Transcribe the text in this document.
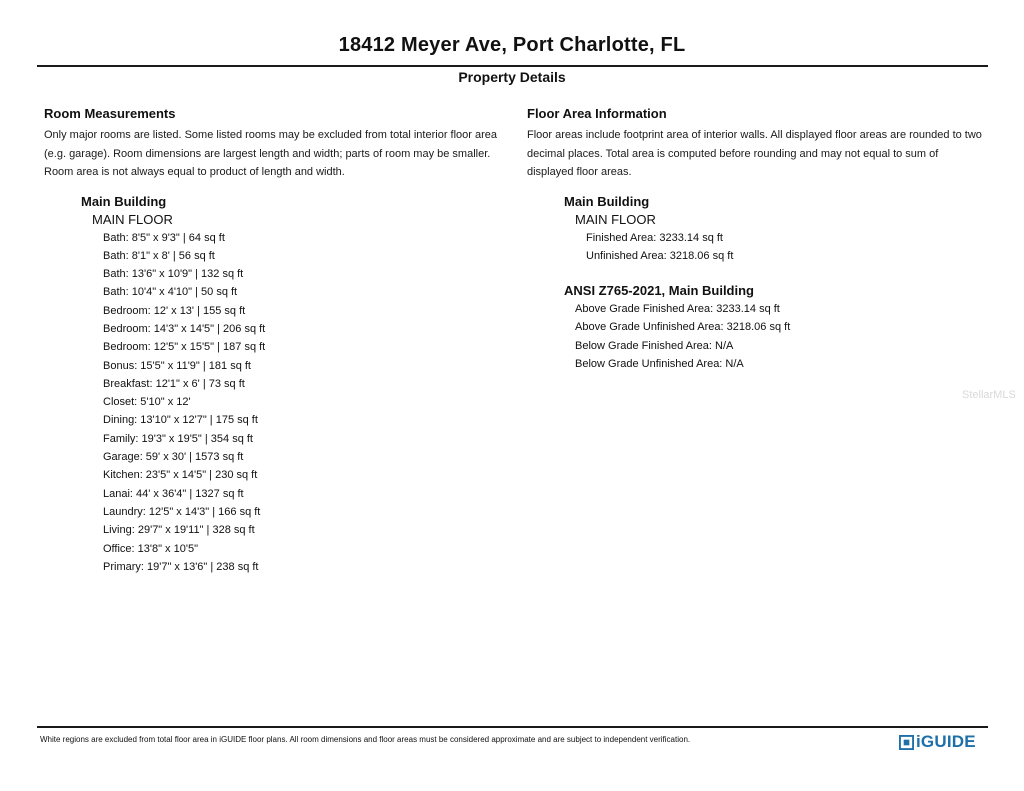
18412 Meyer Ave, Port Charlotte, FL
Property Details
Room Measurements

Only major rooms are listed. Some listed rooms may be excluded from total interior floor area (e.g. garage). Room dimensions are largest length and width; parts of room may be smaller. Room area is not always equal to product of length and width.

Main Building
MAIN FLOOR
Bath: 8'5" x 9'3" | 64 sq ft
Bath: 8'1" x 8' | 56 sq ft
Bath: 13'6" x 10'9" | 132 sq ft
Bath: 10'4" x 4'10" | 50 sq ft
Bedroom: 12' x 13' | 155 sq ft
Bedroom: 14'3" x 14'5" | 206 sq ft
Bedroom: 12'5" x 15'5" | 187 sq ft
Bonus: 15'5" x 11'9" | 181 sq ft
Breakfast: 12'1" x 6' | 73 sq ft
Closet: 5'10" x 12'
Dining: 13'10" x 12'7" | 175 sq ft
Family: 19'3" x 19'5" | 354 sq ft
Garage: 59' x 30' | 1573 sq ft
Kitchen: 23'5" x 14'5" | 230 sq ft
Lanai: 44' x 36'4" | 1327 sq ft
Laundry: 12'5" x 14'3" | 166 sq ft
Living: 29'7" x 19'11" | 328 sq ft
Office: 13'8" x 10'5"
Primary: 19'7" x 13'6" | 238 sq ft
Floor Area Information

Floor areas include footprint area of interior walls. All displayed floor areas are rounded to two decimal places. Total area is computed before rounding and may not equal to sum of displayed floor areas.

Main Building
MAIN FLOOR
Finished Area: 3233.14 sq ft
Unfinished Area: 3218.06 sq ft
ANSI Z765-2021, Main Building
Above Grade Finished Area: 3233.14 sq ft
Above Grade Unfinished Area: 3218.06 sq ft
Below Grade Finished Area: N/A
Below Grade Unfinished Area: N/A
StellarMLS
White regions are excluded from total floor area in iGUIDE floor plans. All room dimensions and floor areas must be considered approximate and are subject to independent verification.	iGUIDE
